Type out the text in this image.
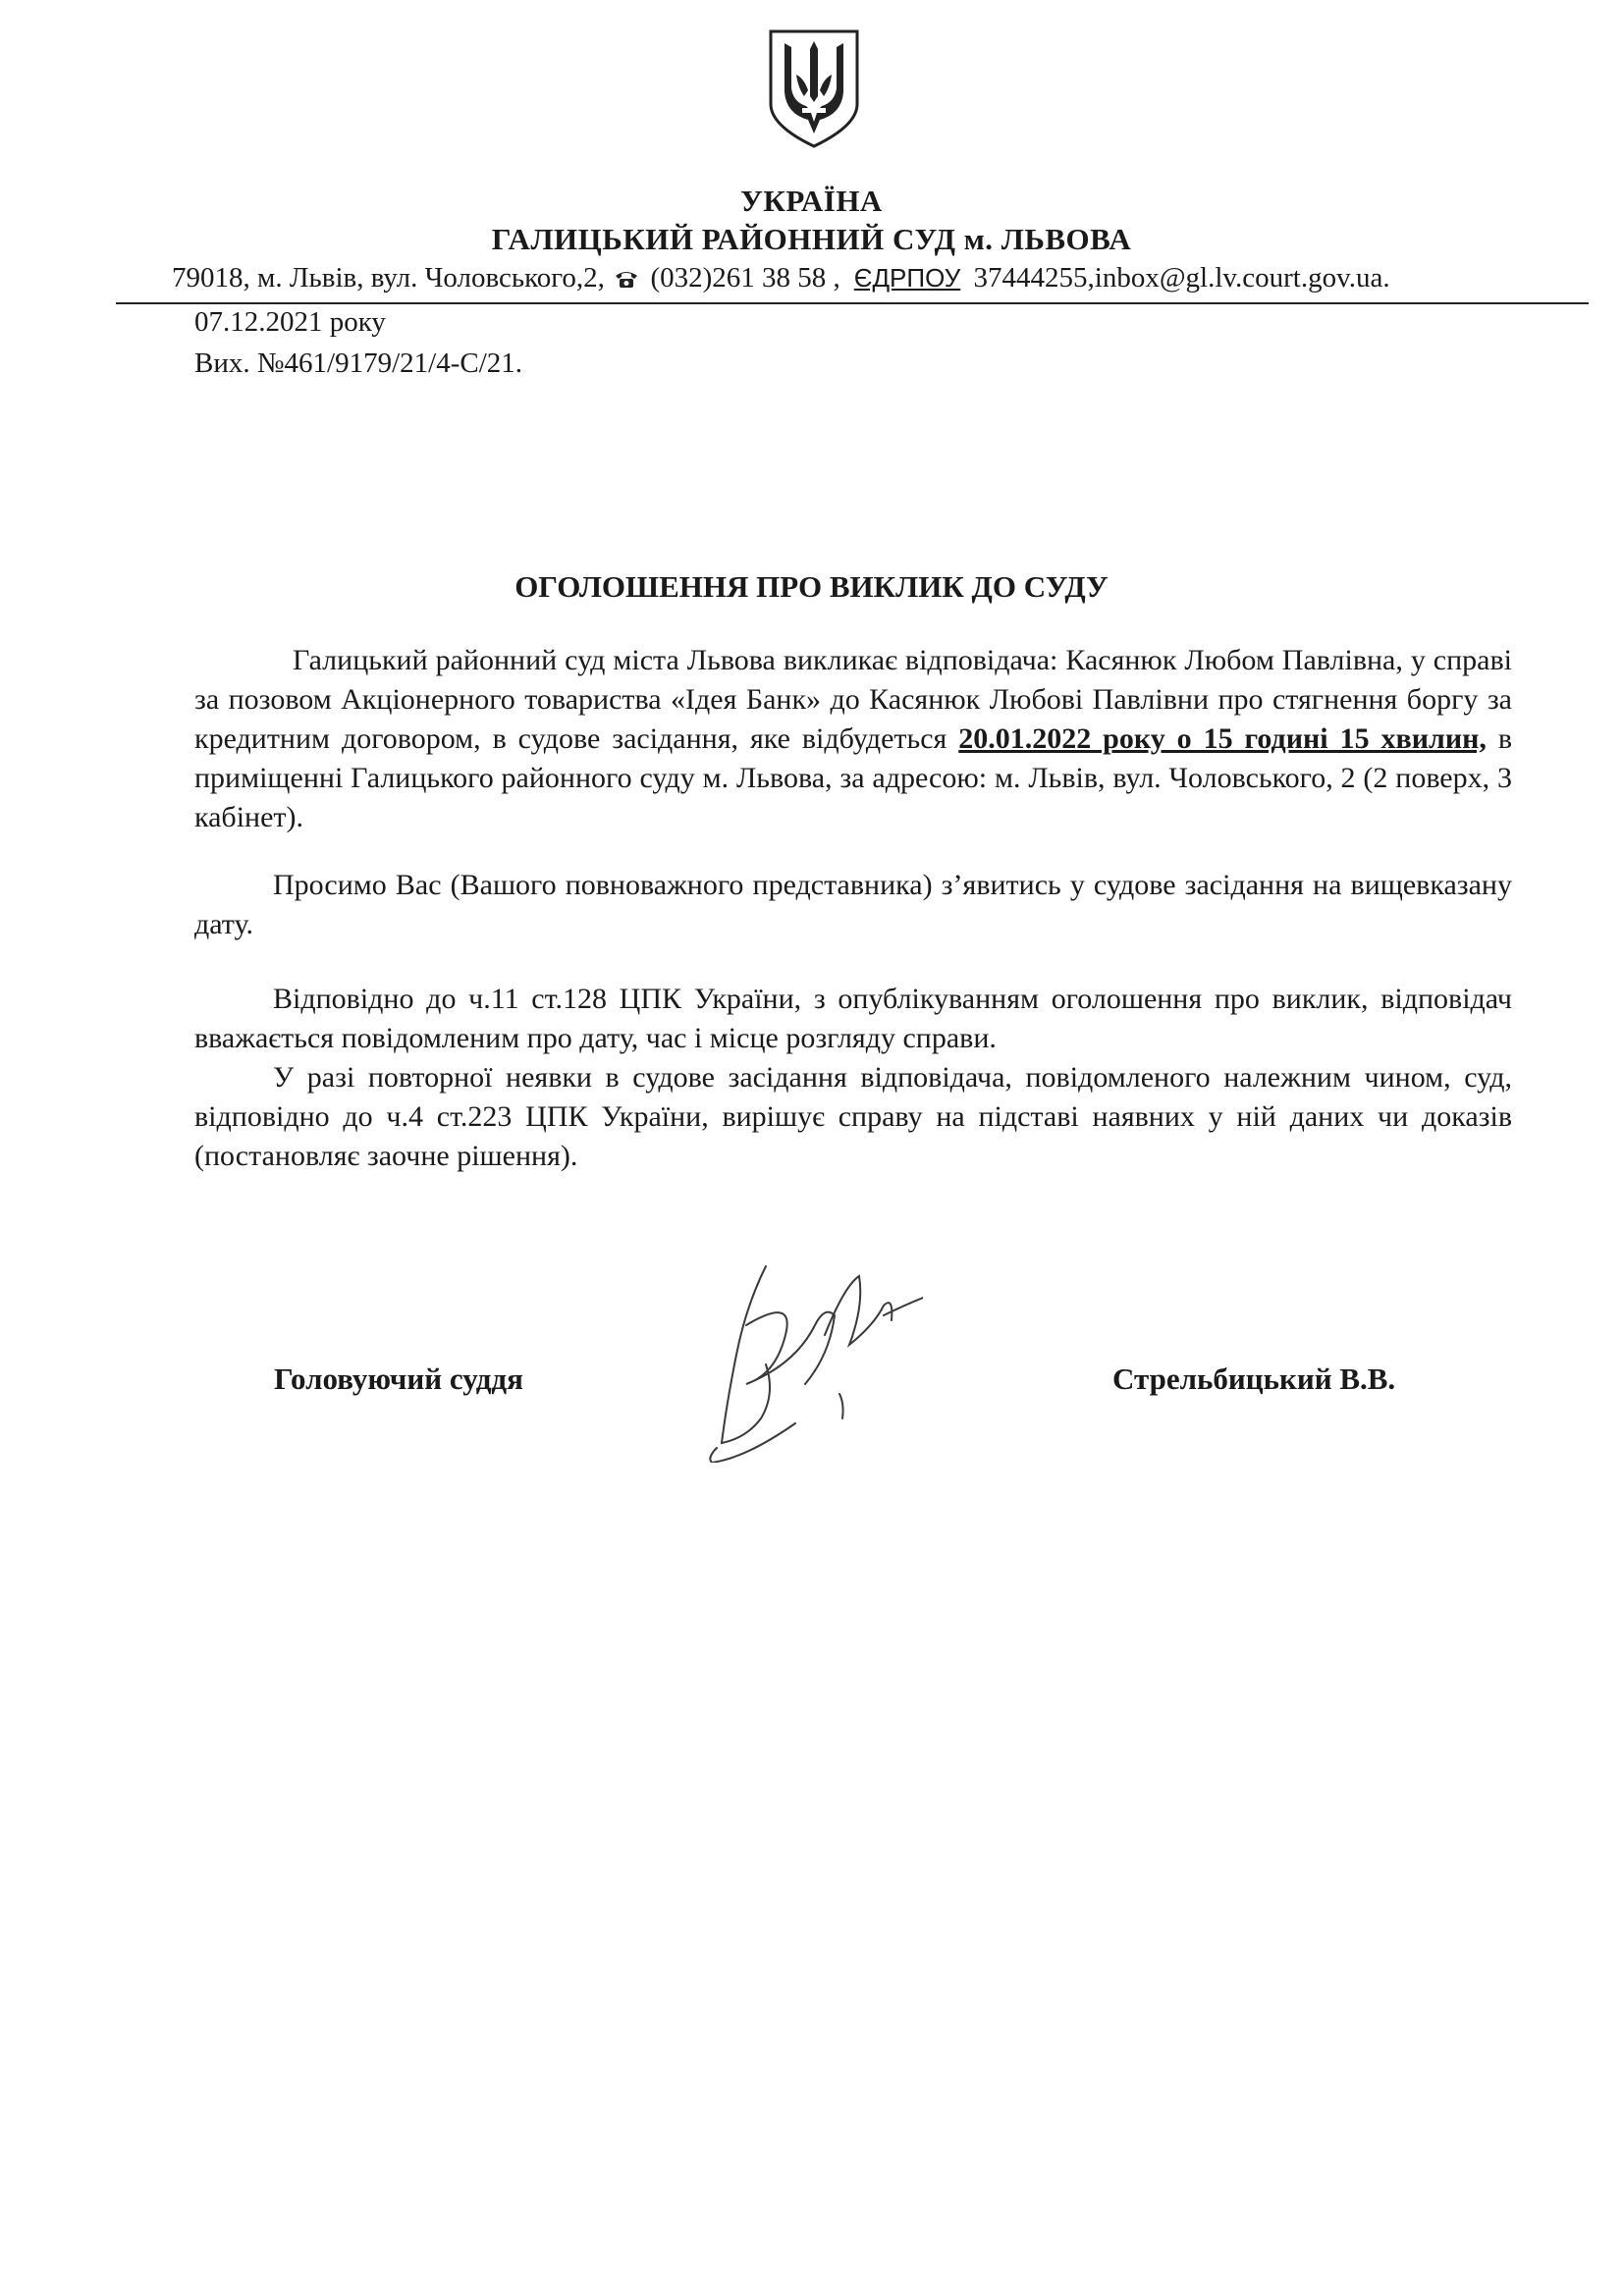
УКРАЇНА
ГАЛИЦЬКИЙ РАЙОННИЙ СУД м. ЛЬВОВА
79018, м. Львів, вул. Чоловського,2, (032)261 38 58 , ЄДРПОУ 37444255,inbox@gl.lv.court.gov.ua.
07.12.2021 року
Вих. №461/9179/21/4-С/21.
ОГОЛОШЕННЯ ПРО ВИКЛИК ДО СУДУ

Галицький районний суд міста Львова викликає відповідача: Касянюк Любом Павлівна, у справі за позовом Акціонерного товариства «Ідея Банк» до Касянюк Любові Павлівни про стягнення боргу за кредитним договором, в судове засідання, яке відбудеться 20.01.2022 року о 15 годині 15 хвилин, в приміщенні Галицького районного суду м. Львова, за адресою: м. Львів, вул. Чоловського, 2 (2 поверх, 3 кабінет).

Просимо Вас (Вашого повноважного представника) з’явитись у судове засідання на вищевказану дату.

Відповідно до ч.11 ст.128 ЦПК України, з опублікуванням оголошення про виклик, відповідач вважається повідомленим про дату, час і місце розгляду справи.

У разі повторної неявки в судове засідання відповідача, повідомленого належним чином, суд, відповідно до ч.4 ст.223 ЦПК України, вирішує справу на підставі наявних у ній даних чи доказів (постановляє заочне рішення).

Головуючий суддя	Стрельбицький В.В.
